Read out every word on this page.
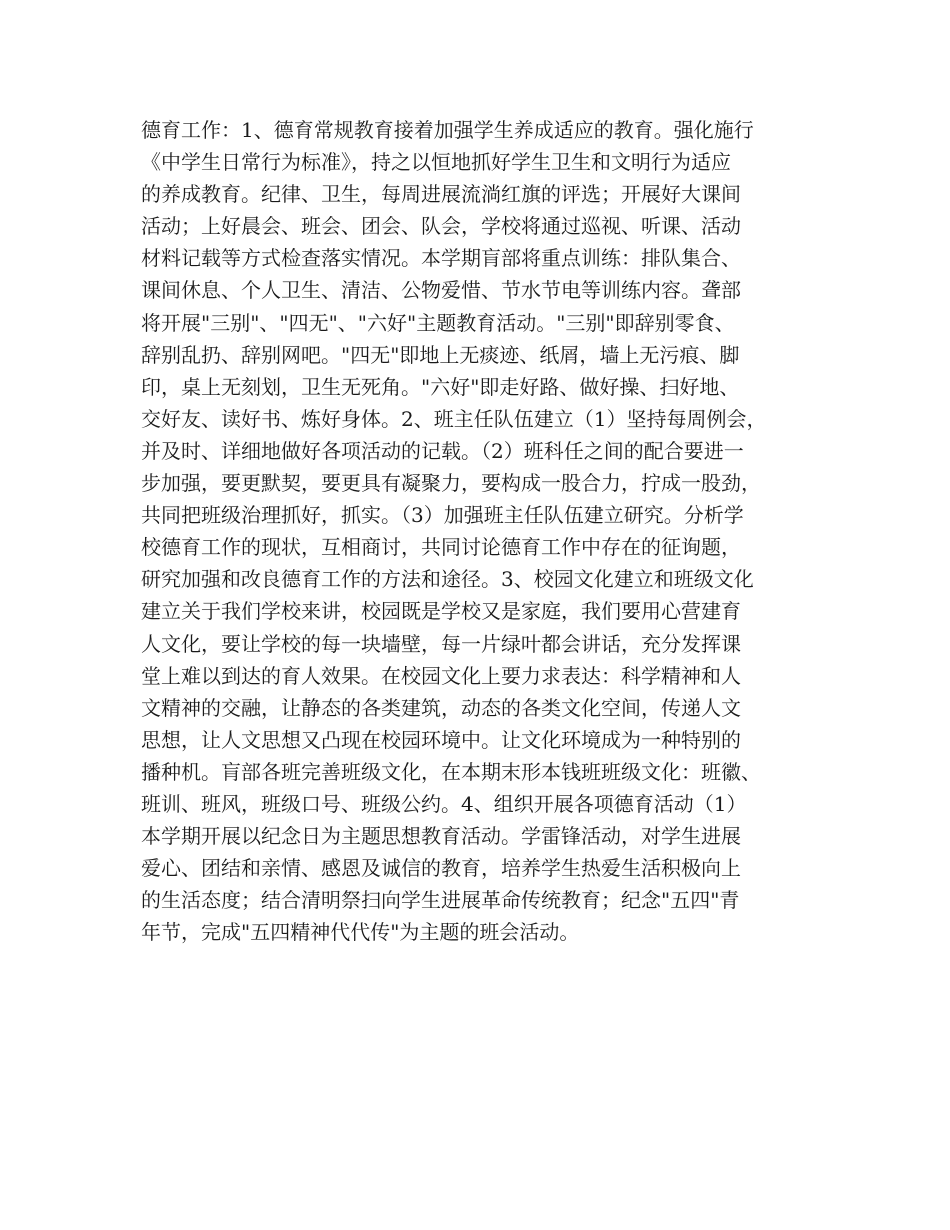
德育工作：1、德育常规教育接着加强学生养成适应的教育。强化施行
《中学生日常行为标准》，持之以恒地抓好学生卫生和文明行为适应
的养成教育。纪律、卫生，每周进展流淌红旗的评选；开展好大课间
活动；上好晨会、班会、团会、队会，学校将通过巡视、听课、活动
材料记载等方式检查落实情况。本学期肓部将重点训练：排队集合、
课间休息、个人卫生、清洁、公物爱惜、节水节电等训练内容。聋部
将开展"三别"、"四无"、"六好"主题教育活动。"三别"即辞别零食、
辞别乱扔、辞别网吧。"四无"即地上无痰迹、纸屑，墙上无污痕、脚
印，桌上无刻划，卫生无死角。"六好"即走好路、做好操、扫好地、
交好友、读好书、炼好身体。2、班主任队伍建立（1）坚持每周例会，
并及时、详细地做好各项活动的记载。（2）班科任之间的配合要进一
步加强，要更默契，要更具有凝聚力，要构成一股合力，拧成一股劲，
共同把班级治理抓好，抓实。（3）加强班主任队伍建立研究。分析学
校德育工作的现状，互相商讨，共同讨论德育工作中存在的征询题，
研究加强和改良德育工作的方法和途径。3、校园文化建立和班级文化
建立关于我们学校来讲，校园既是学校又是家庭，我们要用心营建育
人文化，要让学校的每一块墙壁，每一片绿叶都会讲话，充分发挥课
堂上难以到达的育人效果。在校园文化上要力求表达：科学精神和人
文精神的交融，让静态的各类建筑，动态的各类文化空间，传递人文
思想，让人文思想又凸现在校园环境中。让文化环境成为一种特别的
播种机。肓部各班完善班级文化，在本期末形本钱班班级文化：班徽、
班训、班风，班级口号、班级公约。4、组织开展各项德育活动（1）
本学期开展以纪念日为主题思想教育活动。学雷锋活动，对学生进展
爱心、团结和亲情、感恩及诚信的教育，培养学生热爱生活积极向上
的生活态度；结合清明祭扫向学生进展革命传统教育；纪念"五四"青
年节，完成"五四精神代代传"为主题的班会活动。
